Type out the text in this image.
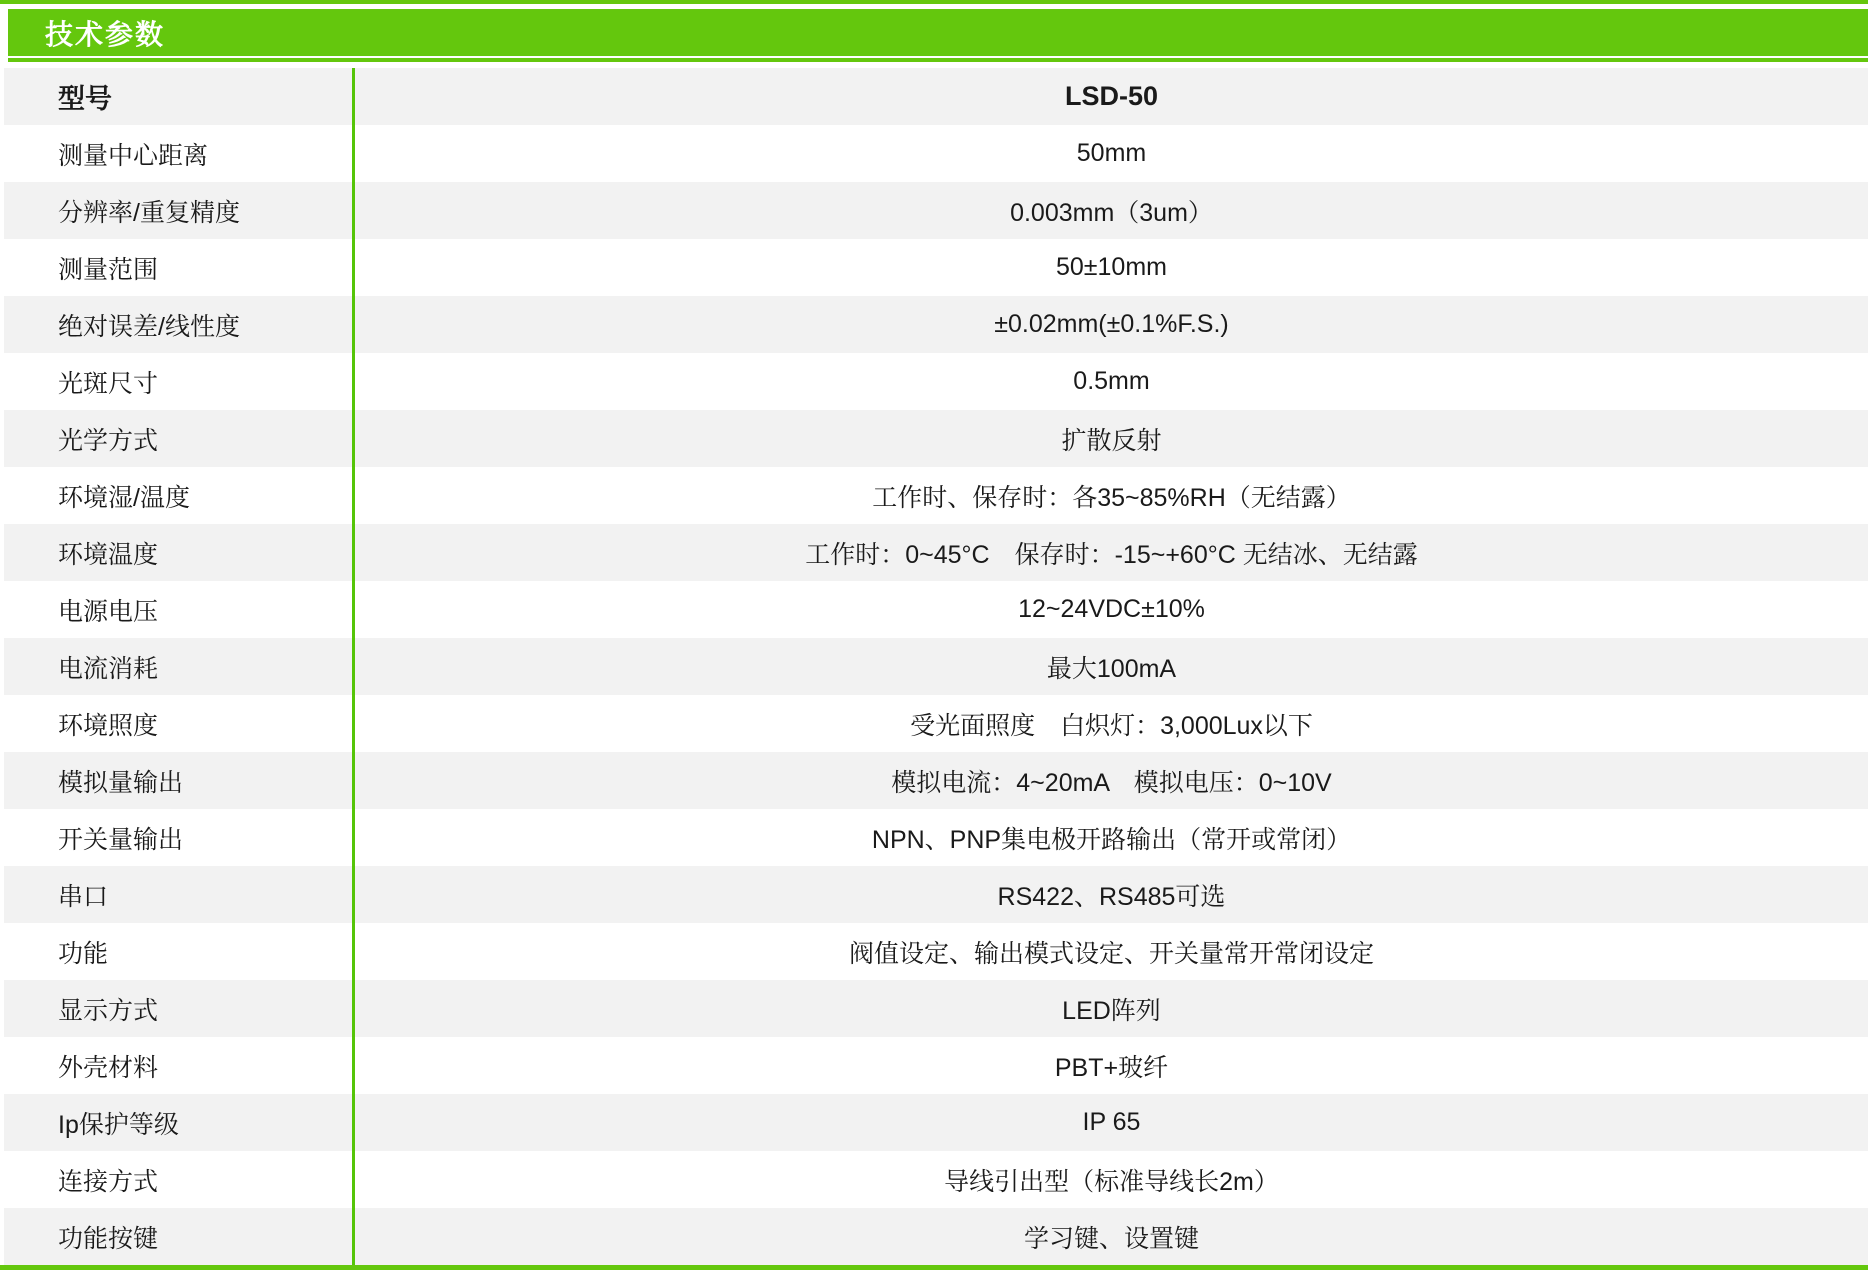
技术参数
型号	LSD-50
测量中心距离	50mm
分辨率/重复精度	0.003mm（3um）
测量范围	50±10mm
绝对误差/线性度	±0.02mm(±0.1%F.S.)
光斑尺寸	0.5mm
光学方式	扩散反射
环境湿/温度	工作时、保存时：各35~85%RH（无结露）
环境温度	工作时：0~45°C　保存时：-15~+60°C 无结冰、无结露
电源电压	12~24VDC±10%
电流消耗	最大100mA
环境照度	受光面照度　白炽灯：3,000Lux以下
模拟量输出	模拟电流：4~20mA　模拟电压：0~10V
开关量输出	NPN、PNP集电极开路输出（常开或常闭）
串口	RS422、RS485可选
功能	阀值设定、输出模式设定、开关量常开常闭设定
显示方式	LED阵列
外壳材料	PBT+玻纤
Ip保护等级	IP 65
连接方式	导线引出型（标准导线长2m）
功能按键	学习键、设置键
